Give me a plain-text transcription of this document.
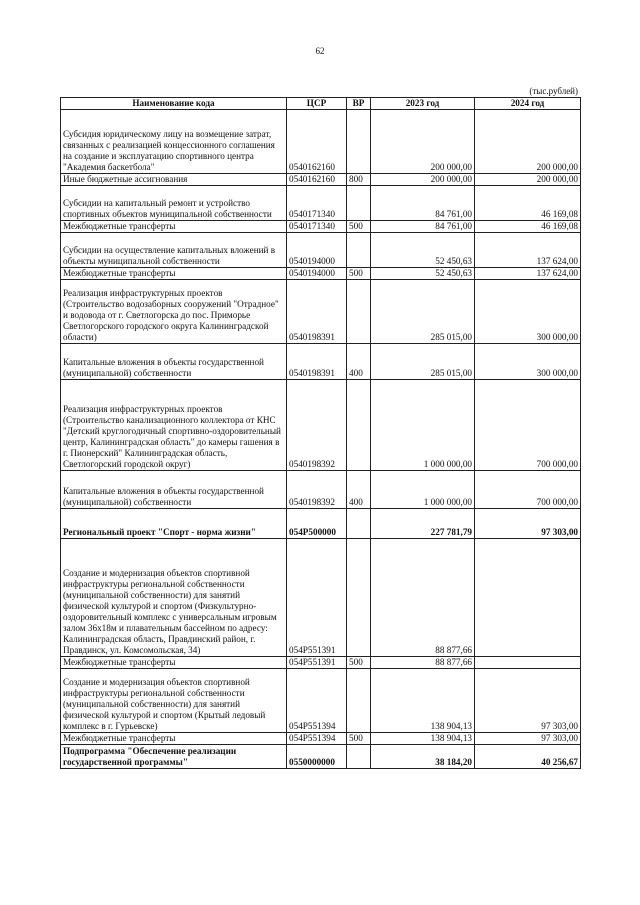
62
(тыс.рублей)
Наименование кода	ЦСР	ВР	2023 год	2024 год
Субсидия юридическому лицу на возмещение затрат, связанных с реализацией концессионного соглашения на создание и эксплуатацию спортивного центра "Академия баскетбола"	0540162160		200 000,00	200 000,00
Иные бюджетные ассигнования	0540162160	800	200 000,00	200 000,00
Субсидии на капитальный ремонт и устройство спортивных объектов муниципальной собственности	0540171340		84 761,00	46 169,08
Межбюджетные трансферты	0540171340	500	84 761,00	46 169,08
Субсидии на осуществление капитальных вложений в объекты муниципальной собственности	0540194000		52 450,63	137 624,00
Межбюджетные трансферты	0540194000	500	52 450,63	137 624,00
Реализация инфраструктурных проектов (Строительство водозаборных сооружений "Отрадное" и водовода от г. Светлогорска до пос. Приморье Светлогорского городского округа Калининградской области)	0540198391		285 015,00	300 000,00
Капитальные вложения в объекты государственной (муниципальной) собственности	0540198391	400	285 015,00	300 000,00
Реализация инфраструктурных проектов (Строительство канализационного коллектора от КНС "Детский круглогодичный спортивно-оздоровительный центр, Калининградская область" до камеры гашения в г. Пионерский" Калининградская область, Светлогорский городской округ)	0540198392		1 000 000,00	700 000,00
Капитальные вложения в объекты государственной (муниципальной) собственности	0540198392	400	1 000 000,00	700 000,00
Региональный проект "Спорт - норма жизни"	054P500000		227 781,79	97 303,00
Создание и модернизация объектов спортивной инфраструктуры региональной собственности (муниципальной собственности) для занятий физической культурой и спортом (Физкультурно-оздоровительный комплекс с универсальным игровым залом 36х18м и плавательным бассейном по адресу: Калининградская область, Правдинский район, г. Правдинск, ул. Комсомольская, 34)	054P551391		88 877,66	
Межбюджетные трансферты	054P551391	500	88 877,66	
Создание и модернизация объектов спортивной инфраструктуры региональной собственности (муниципальной собственности) для занятий физической культурой и спортом (Крытый ледовый комплекс в г. Гурьевске)	054P551394		138 904,13	97 303,00
Межбюджетные трансферты	054P551394	500	138 904,13	97 303,00
Подпрограмма "Обеспечение реализации государственной программы"	0550000000		38 184,20	40 256,67
